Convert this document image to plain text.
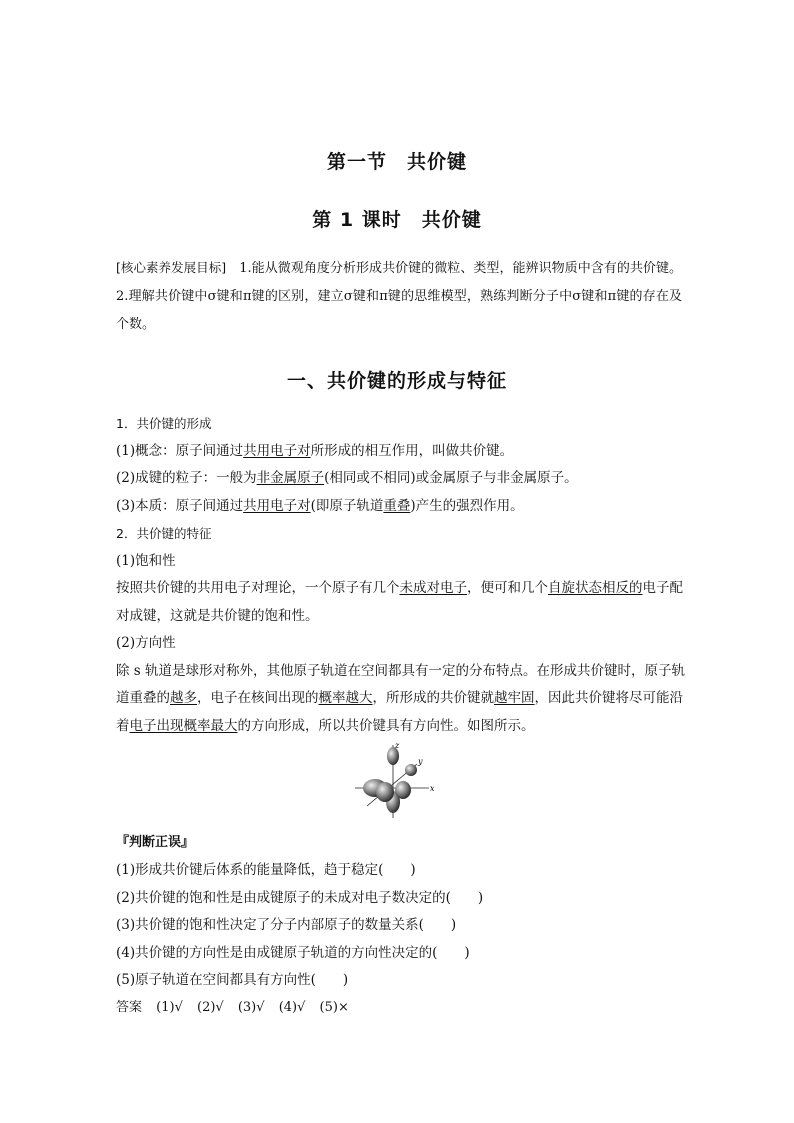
第一节　共价键
第 1 课时　共价键
[核心素养发展目标]　1.能从微观角度分析形成共价键的微粒、类型，能辨识物质中含有的共价键。2.理解共价键中σ键和π键的区别，建立σ键和π键的思维模型，熟练判断分子中σ键和π键的存在及个数。
一、共价键的形成与特征
1．共价键的形成
(1)概念：原子间通过共用电子对所形成的相互作用，叫做共价键。
(2)成键的粒子：一般为非金属原子(相同或不相同)或金属原子与非金属原子。
(3)本质：原子间通过共用电子对(即原子轨道重叠)产生的强烈作用。
2．共价键的特征
(1)饱和性
按照共价键的共用电子对理论，一个原子有几个未成对电子，便可和几个自旋状态相反的电子配对成键，这就是共价键的饱和性。
(2)方向性
除 s 轨道是球形对称外，其他原子轨道在空间都具有一定的分布特点。在形成共价键时，原子轨道重叠的越多，电子在核间出现的概率越大，所形成的共价键就越牢固，因此共价键将尽可能沿着电子出现概率最大的方向形成，所以共价键具有方向性。如图所示。
z
y
x
『判断正误』
(1)形成共价键后体系的能量降低，趋于稳定(　　)
(2)共价键的饱和性是由成键原子的未成对电子数决定的(　　)
(3)共价键的饱和性决定了分子内部原子的数量关系(　　)
(4)共价键的方向性是由成键原子轨道的方向性决定的(　　)
(5)原子轨道在空间都具有方向性(　　)
答案 (1)√ (2)√ (3)√ (4)√ (5)×
